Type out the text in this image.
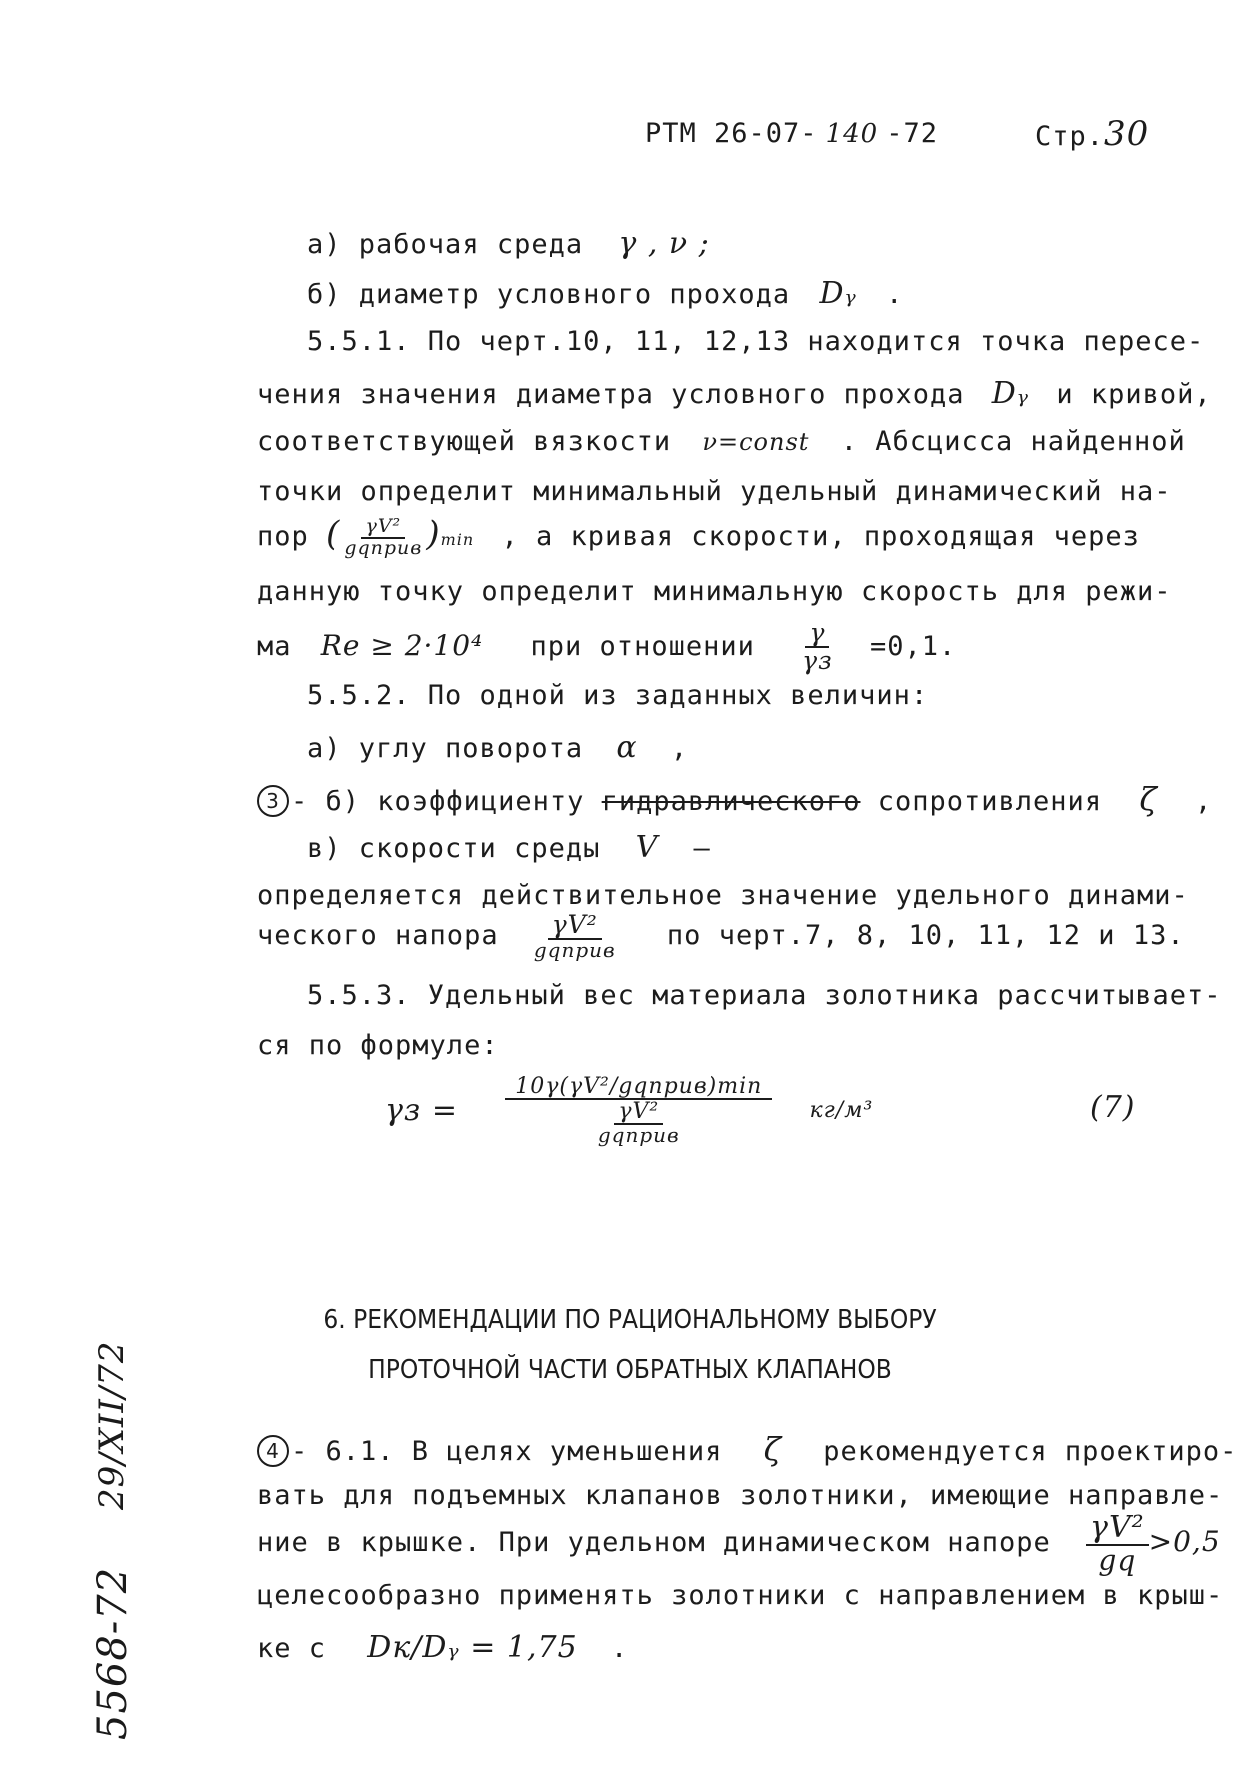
РТМ 26-07- 140 -72	Стр.30
а) рабочая среда γ , ν ;
б) диаметр условного прохода Dᵧ .
5.5.1. По черт.10, 11, 12,13 находится точка пересе-
чения значения диаметра условного прохода Dᵧ и кривой,
соответствующей вязкости ν=const . Абсцисса найденной
точки определит минимальный удельный динамический на-
пор ( $\frac{\text{γV²}}{\text{gqприв}} )\min$ , а кривая скорости, проходящая через
данную точку определит минимальную скорость для режи-
ма Re ≥ 2·10⁴ при отношении $\frac{\gamma}{\gamma з} =0,1$.
5.5.2. По одной из заданных величин:
а) углу поворота α ,
3 - б) коэффициенту гидравлического сопротивления ζ ,
в) скорости среды V –
определяется действительное значение удельного динами-
ческого напора $\frac{\text{γV²}}{\text{gqприв}}$ по черт.7, 8, 10, 11, 12 и 13.
5.5.3. Удельный вес материала золотника рассчитывает-
ся по формуле:
$\gamma з = \frac{\text{10γ(γV²/gqприв)min}}{\frac{\text{γV²}}{\text{gqприв}}} кг/м^3$	(7)
6. РЕКОМЕНДАЦИИ ПО РАЦИОНАЛЬНОМУ ВЫБОРУ
ПРОТОЧНОЙ ЧАСТИ ОБРАТНЫХ КЛАПАНОВ
4 - 6.1. В целях уменьшения ζ рекомендуется проектиро-
вать для подъемных клапанов золотники, имеющие направле-
ние в крышке. При удельном динамическом напоре $\frac{\text{γV²}}{gq} >0,5$
целесообразно применять золотники с направлением в крыш-
ке с Dк/Dᵧ = 1,75 .
5568-72
29/XII/72
